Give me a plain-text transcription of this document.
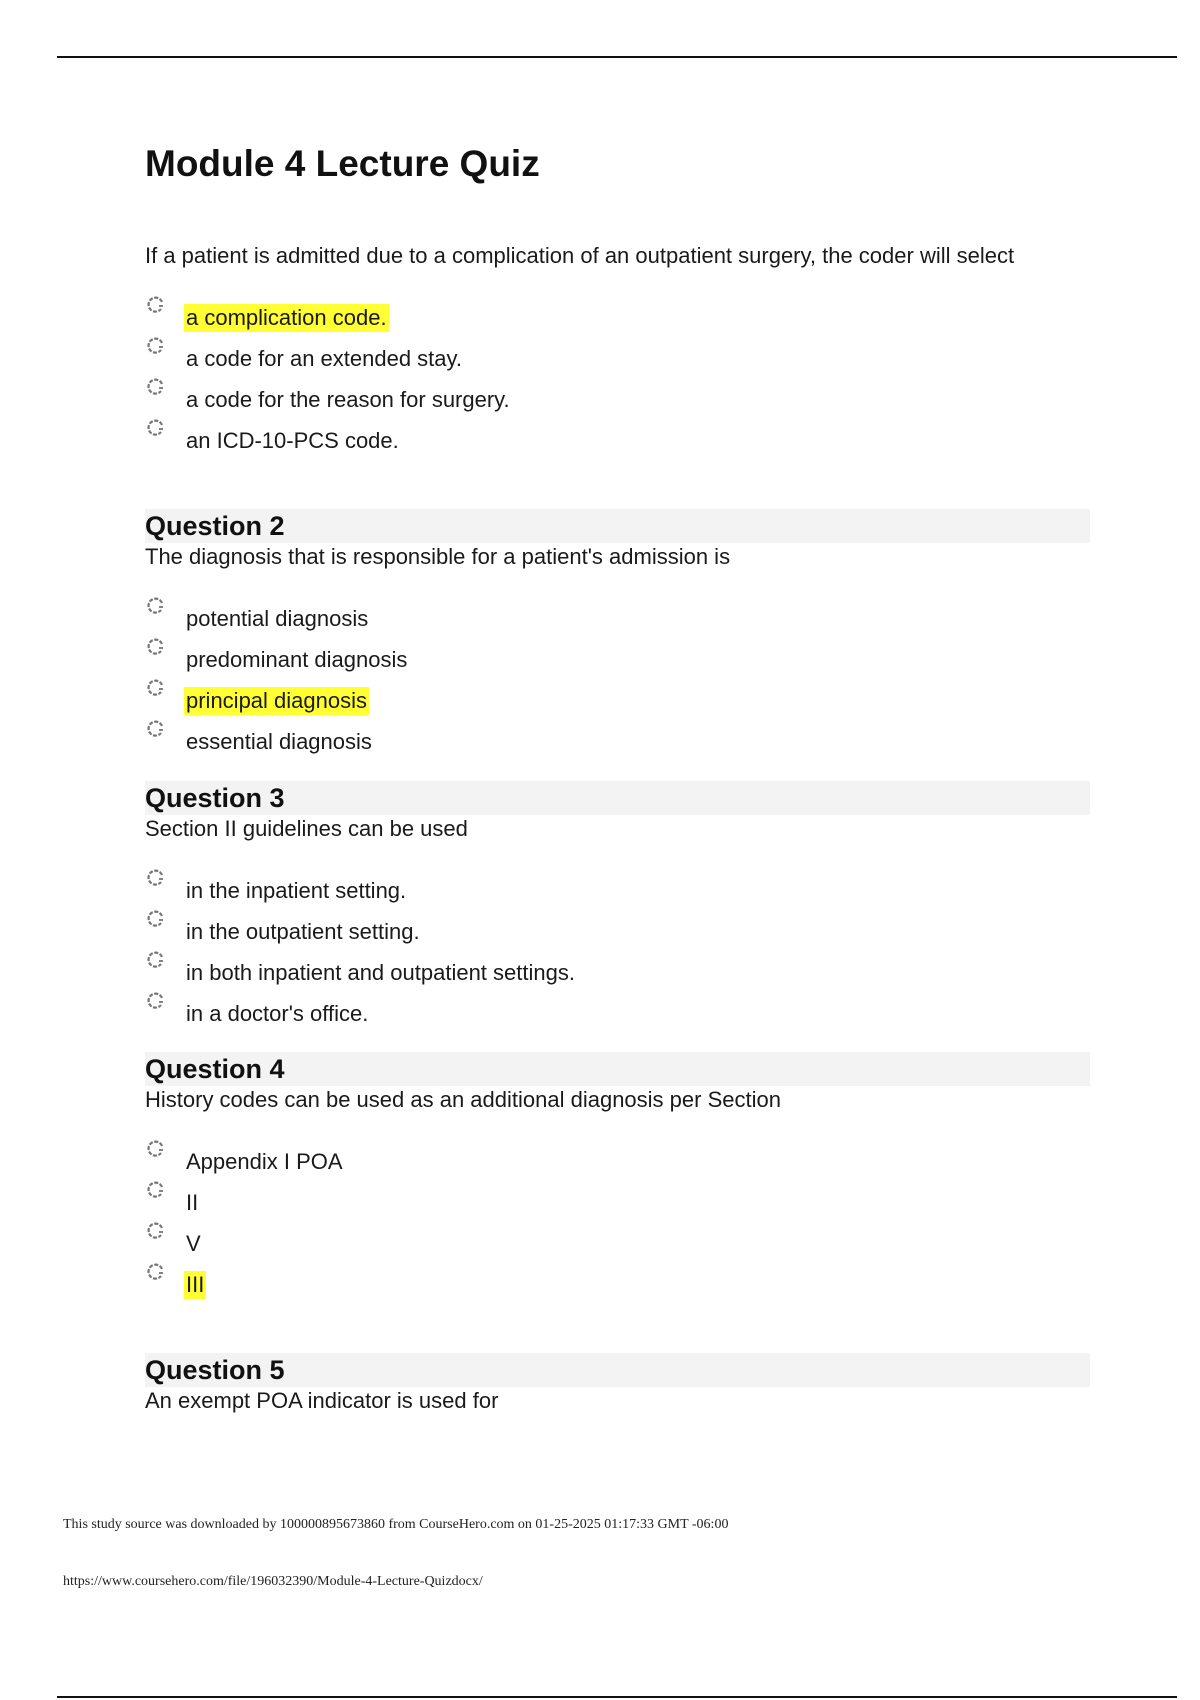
Module 4 Lecture Quiz

If a patient is admitted due to a complication of an outpatient surgery, the coder will select

a complication code.
a code for an extended stay.
a code for the reason for surgery.
an ICD-10-PCS code.
Question 2

The diagnosis that is responsible for a patient's admission is

potential diagnosis
predominant diagnosis
principal diagnosis
essential diagnosis
Question 3

Section II guidelines can be used

in the inpatient setting.
in the outpatient setting.
in both inpatient and outpatient settings.
in a doctor's office.
Question 4

History codes can be used as an additional diagnosis per Section

Appendix I POA
II
V
III
Question 5

An exempt POA indicator is used for

This study source was downloaded by 100000895673860 from CourseHero.com on 01-25-2025 01:17:33 GMT -06:00
https://www.coursehero.com/file/196032390/Module-4-Lecture-Quizdocx/
